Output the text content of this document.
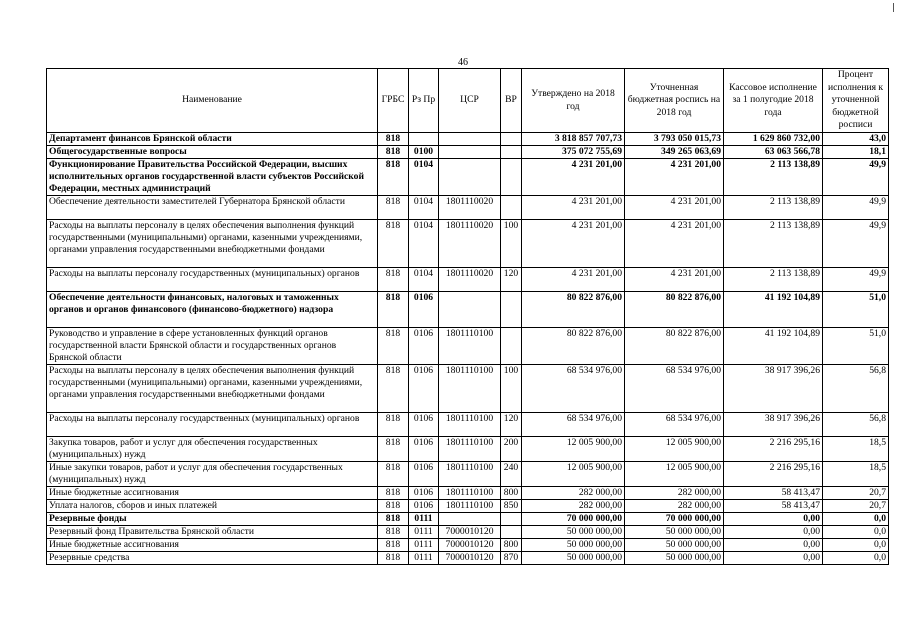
46
Наименование	ГРБС	Рз Пр	ЦСР	ВР	Утверждено на 2018 год	Уточненная бюджетная роспись на 2018 год	Кассовое исполнение за 1 полугодие 2018 года	Процент исполнения к уточненной бюджетной росписи
Департамент финансов Брянской области	818				3 818 857 707,73	3 793 050 015,73	1 629 860 732,00	43,0
Общегосударственные вопросы	818	0100			375 072 755,69	349 265 063,69	63 063 566,78	18,1
Функционирование Правительства Российской Федерации, высших исполнительных органов государственной власти субъектов Российской Федерации, местных администраций	818	0104			4 231 201,00	4 231 201,00	2 113 138,89	49,9
Обеспечение деятельности заместителей Губернатора Брянской области	818	0104	1801110020		4 231 201,00	4 231 201,00	2 113 138,89	49,9
Расходы на выплаты персоналу в целях обеспечения выполнения функций государственными (муниципальными) органами, казенными учреждениями, органами управления государственными внебюджетными фондами	818	0104	1801110020	100	4 231 201,00	4 231 201,00	2 113 138,89	49,9
Расходы на выплаты персоналу государственных (муниципальных) органов	818	0104	1801110020	120	4 231 201,00	4 231 201,00	2 113 138,89	49,9
Обеспечение деятельности финансовых, налоговых и таможенных органов и органов финансового (финансово-бюджетного) надзора	818	0106			80 822 876,00	80 822 876,00	41 192 104,89	51,0
Руководство и управление в сфере установленных функций органов государственной власти Брянской области и государственных органов Брянской области	818	0106	1801110100		80 822 876,00	80 822 876,00	41 192 104,89	51,0
Расходы на выплаты персоналу в целях обеспечения выполнения функций государственными (муниципальными) органами, казенными учреждениями, органами управления государственными внебюджетными фондами	818	0106	1801110100	100	68 534 976,00	68 534 976,00	38 917 396,26	56,8
Расходы на выплаты персоналу государственных (муниципальных) органов	818	0106	1801110100	120	68 534 976,00	68 534 976,00	38 917 396,26	56,8
Закупка товаров, работ и услуг для обеспечения государственных (муниципальных) нужд	818	0106	1801110100	200	12 005 900,00	12 005 900,00	2 216 295,16	18,5
Иные закупки товаров, работ и услуг для обеспечения государственных (муниципальных) нужд	818	0106	1801110100	240	12 005 900,00	12 005 900,00	2 216 295,16	18,5
Иные бюджетные ассигнования	818	0106	1801110100	800	282 000,00	282 000,00	58 413,47	20,7
Уплата налогов, сборов и иных платежей	818	0106	1801110100	850	282 000,00	282 000,00	58 413,47	20,7
Резервные фонды	818	0111			70 000 000,00	70 000 000,00	0,00	0,0
Резервный фонд Правительства Брянской области	818	0111	7000010120		50 000 000,00	50 000 000,00	0,00	0,0
Иные бюджетные ассигнования	818	0111	7000010120	800	50 000 000,00	50 000 000,00	0,00	0,0
Резервные средства	818	0111	7000010120	870	50 000 000,00	50 000 000,00	0,00	0,0
